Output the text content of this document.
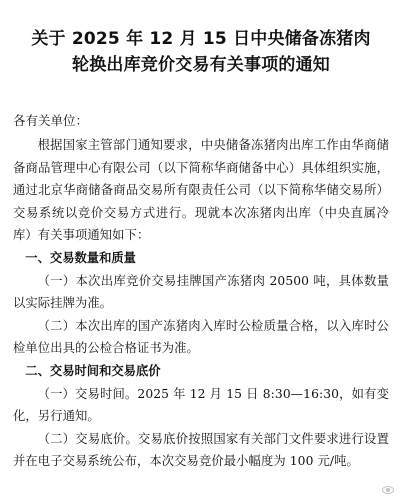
关于 2025 年 12 月 15 日中央储备冻猪肉
轮换出库竞价交易有关事项的通知
各有关单位：
根据国家主管部门通知要求，中央储备冻猪肉出库工作由华商储备商品管理中心有限公司（以下简称华商储备中心）具体组织实施，通过北京华商储备商品交易所有限责任公司（以下简称华储交易所）交易系统以竞价交易方式进行。现就本次冻猪肉出库（中央直属冷库）有关事项通知如下：
一、交易数量和质量
（一）本次出库竞价交易挂牌国产冻猪肉 20500 吨，具体数量以实际挂牌为准。
（二）本次出库的国产冻猪肉入库时公检质量合格，以入库时公检单位出具的公检合格证书为准。
二、交易时间和交易底价
（一）交易时间。2025 年 12 月 15 日 8:30—16:30，如有变化，另行通知。
（二）交易底价。交易底价按照国家有关部门文件要求进行设置并在电子交易系统公布，本次交易竞价最小幅度为 100 元/吨。
